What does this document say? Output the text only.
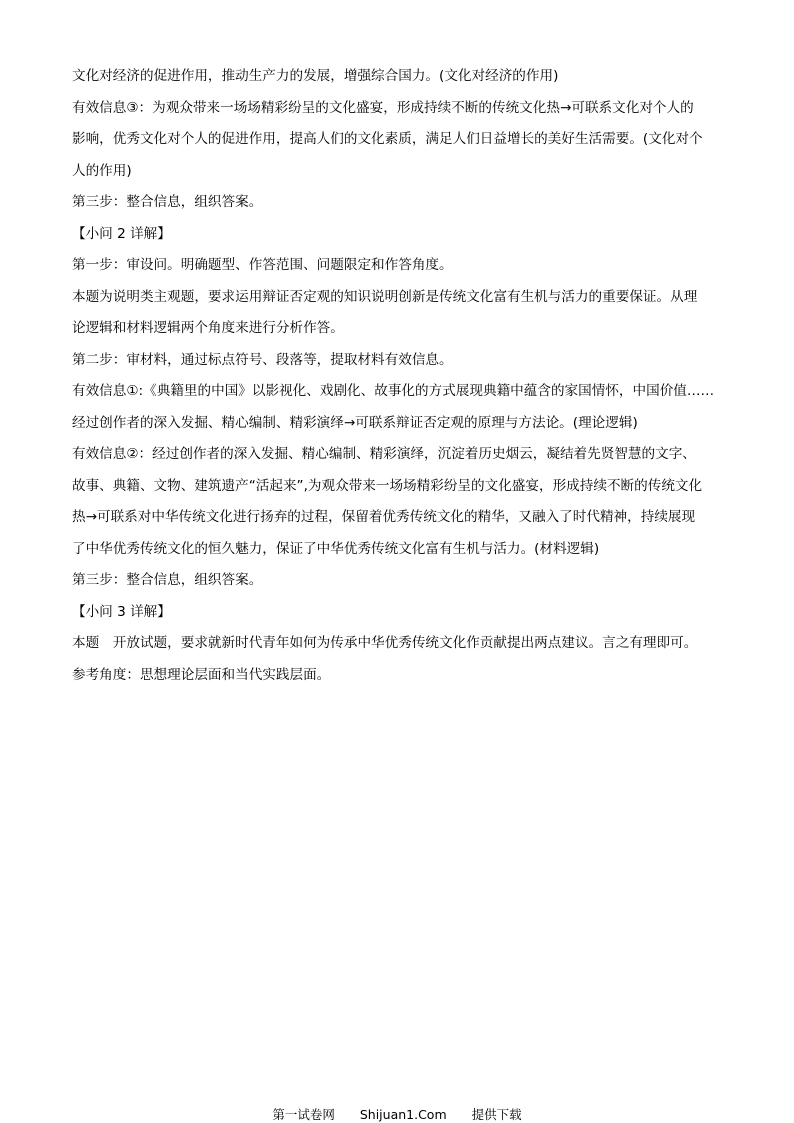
文化对经济的促进作用，推动生产力的发展，增强综合国力。(文化对经济的作用)
有效信息③：为观众带来一场场精彩纷呈的文化盛宴，形成持续不断的传统文化热→可联系文化对个人的
影响，优秀文化对个人的促进作用，提高人们的文化素质，满足人们日益增长的美好生活需要。(文化对个
人的作用)
第三步：整合信息，组织答案。
【小问 2 详解】
第一步：审设问。明确题型、作答范围、问题限定和作答角度。
本题为说明类主观题，要求运用辩证否定观的知识说明创新是传统文化富有生机与活力的重要保证。从理
论逻辑和材料逻辑两个角度来进行分析作答。
第二步：审材料，通过标点符号、段落等，提取材料有效信息。
有效信息①:《典籍里的中国》以影视化、戏剧化、故事化的方式展现典籍中蕴含的家国情怀，中国价值……
经过创作者的深入发掘、精心编制、精彩演绎→可联系辩证否定观的原理与方法论。(理论逻辑)
有效信息②：经过创作者的深入发掘、精心编制、精彩演绎，沉淀着历史烟云，凝结着先贤智慧的文字、
故事、典籍、文物、建筑遗产“活起来”,为观众带来一场场精彩纷呈的文化盛宴，形成持续不断的传统文化
热→可联系对中华传统文化进行扬弃的过程，保留着优秀传统文化的精华，又融入了时代精神，持续展现
了中华优秀传统文化的恒久魅力，保证了中华优秀传统文化富有生机与活力。(材料逻辑)
第三步：整合信息，组织答案。
【小问 3 详解】
本题　开放试题，要求就新时代青年如何为传承中华优秀传统文化作贡献提出两点建议。言之有理即可。
参考角度：思想理论层面和当代实践层面。
第一试卷网　　Shijuan1.Com　　提供下载
